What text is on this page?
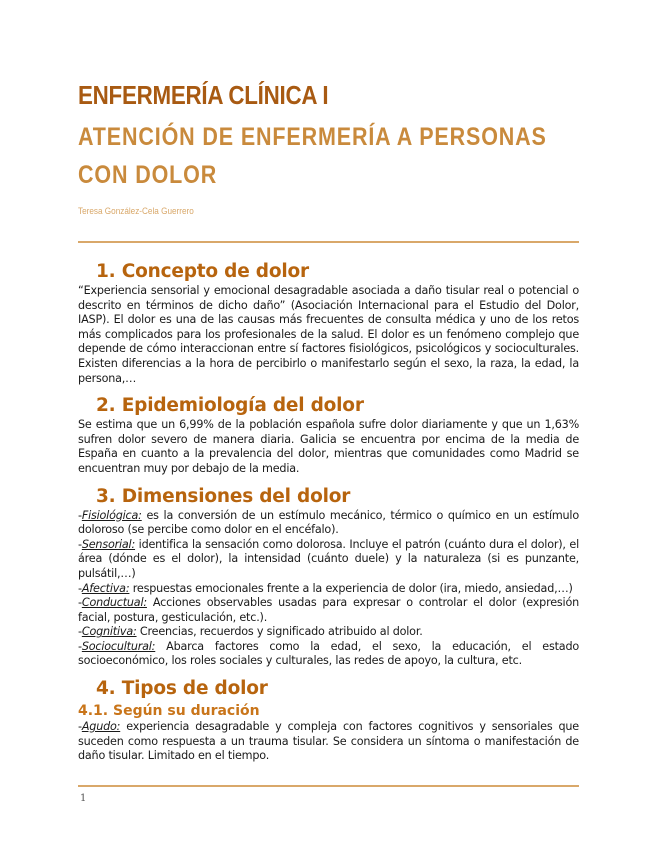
ENFERMERÍA CLÍNICA I
ATENCIÓN DE ENFERMERÍA A PERSONAS CON DOLOR
Teresa González-Cela Guerrero
1. Concepto de dolor

“Experiencia sensorial y emocional desagradable asociada a daño tisular real o potencial o descrito en términos de dicho daño” (Asociación Internacional para el Estudio del Dolor, IASP). El dolor es una de las causas más frecuentes de consulta médica y uno de los retos más complicados para los profesionales de la salud. El dolor es un fenómeno complejo que depende de cómo interaccionan entre sí factores fisiológicos, psicológicos y socioculturales. Existen diferencias a la hora de percibirlo o manifestarlo según el sexo, la raza, la edad, la persona,…

2. Epidemiología del dolor

Se estima que un 6,99% de la población española sufre dolor diariamente y que un 1,63% sufren dolor severo de manera diaria. Galicia se encuentra por encima de la media de España en cuanto a la prevalencia del dolor, mientras que comunidades como Madrid se encuentran muy por debajo de la media.

3. Dimensiones del dolor

-Fisiológica: es la conversión de un estímulo mecánico, térmico o químico en un estímulo doloroso (se percibe como dolor en el encéfalo).

-Sensorial: identifica la sensación como dolorosa. Incluye el patrón (cuánto dura el dolor), el área (dónde es el dolor), la intensidad (cuánto duele) y la naturaleza (si es punzante, pulsátil,…)

-Afectiva: respuestas emocionales frente a la experiencia de dolor (ira, miedo, ansiedad,…)

-Conductual: Acciones observables usadas para expresar o controlar el dolor (expresión facial, postura, gesticulación, etc.).

-Cognitiva: Creencias, recuerdos y significado atribuido al dolor.

-Sociocultural: Abarca factores como la edad, el sexo, la educación, el estado socioeconómico, los roles sociales y culturales, las redes de apoyo, la cultura, etc.

4. Tipos de dolor
4.1. Según su duración

-Agudo: experiencia desagradable y compleja con factores cognitivos y sensoriales que suceden como respuesta a un trauma tisular. Se considera un síntoma o manifestación de daño tisular. Limitado en el tiempo.

1
